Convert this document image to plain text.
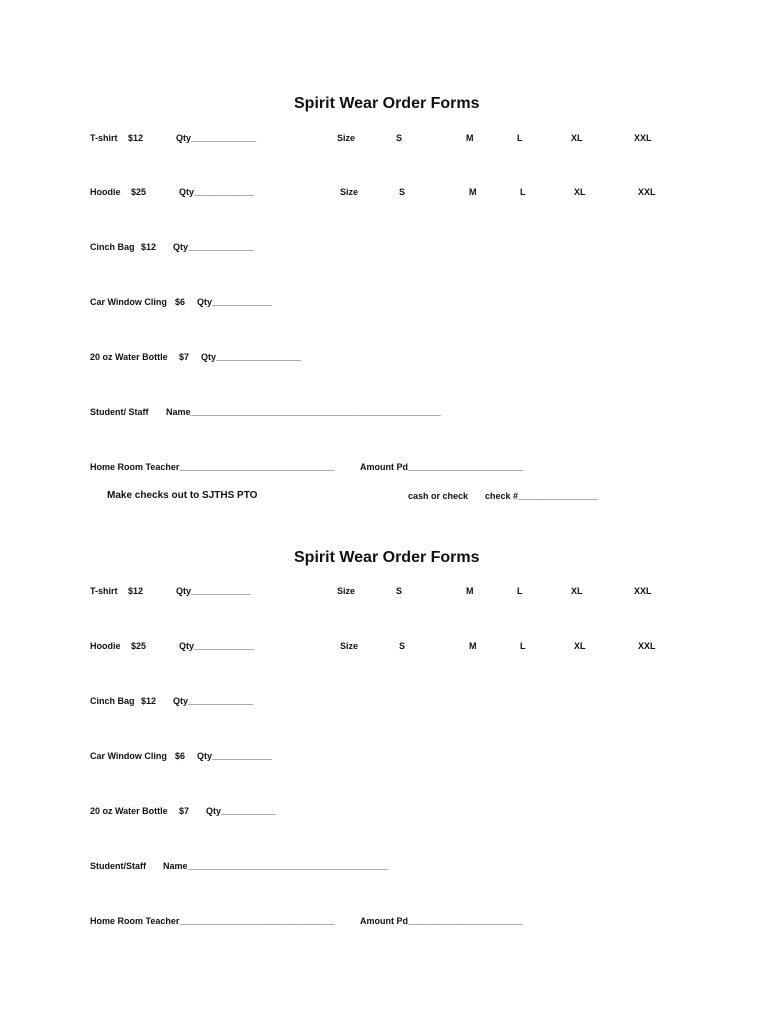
Spirit Wear Order Forms
T-shirt $12	Qty_____________	Size	S	M	L	XL	XXL
Hoodie $25	Qty____________	Size	S	M	L	XL	XXL
Cinch Bag $12 Qty_____________
Car Window Cling $6 Qty____________
20 oz Water Bottle $7 Qty_________________
Student/ Staff Name__________________________________________________
Home Room Teacher_______________________________	Amount Pd_______________________
Make checks out to SJTHS PTO	cash or check check #________________
Spirit Wear Order Forms
T-shirt $12	Qty____________	Size	S	M	L	XL	XXL
Hoodie $25	Qty____________	Size	S	M	L	XL	XXL
Cinch Bag $12 Qty_____________
Car Window Cling $6 Qty____________
20 oz Water Bottle $7 Qty___________
Student/Staff Name________________________________________
Home Room Teacher_______________________________	Amount Pd_______________________
